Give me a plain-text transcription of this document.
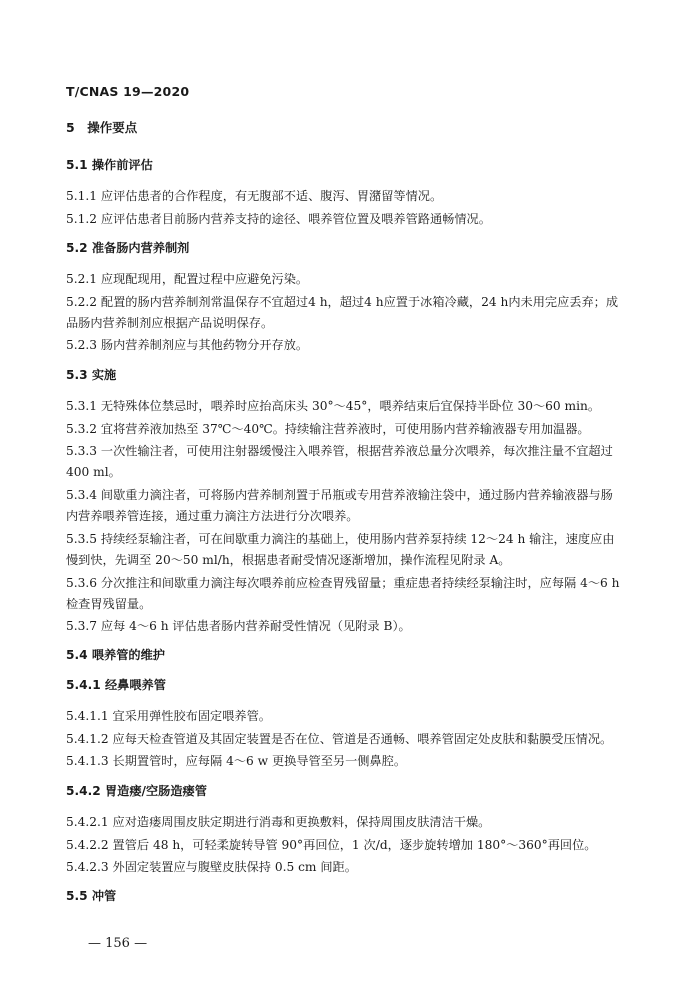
T/CNAS 19—2020
5　操作要点
5.1 操作前评估
5.1.1 应评估患者的合作程度，有无腹部不适、腹泻、胃潴留等情况。
5.1.2 应评估患者目前肠内营养支持的途径、喂养管位置及喂养管路通畅情况。
5.2 准备肠内营养制剂
5.2.1 应现配现用，配置过程中应避免污染。
5.2.2 配置的肠内营养制剂常温保存不宜超过4 h，超过4 h应置于冰箱冷藏，24 h内未用完应丢弃；成
品肠内营养制剂应根据产品说明保存。
5.2.3 肠内营养制剂应与其他药物分开存放。
5.3 实施
5.3.1 无特殊体位禁忌时，喂养时应抬高床头 30°～45°，喂养结束后宜保持半卧位 30～60 min。
5.3.2 宜将营养液加热至 37℃～40℃。持续输注营养液时，可使用肠内营养输液器专用加温器。
5.3.3 一次性输注者，可使用注射器缓慢注入喂养管，根据营养液总量分次喂养，每次推注量不宜超过
400 ml。
5.3.4 间歇重力滴注者，可将肠内营养制剂置于吊瓶或专用营养液输注袋中，通过肠内营养输液器与肠
内营养喂养管连接，通过重力滴注方法进行分次喂养。
5.3.5 持续经泵输注者，可在间歇重力滴注的基础上，使用肠内营养泵持续 12～24 h 输注，速度应由
慢到快，先调至 20～50 ml/h，根据患者耐受情况逐渐增加，操作流程见附录 A。
5.3.6 分次推注和间歇重力滴注每次喂养前应检查胃残留量；重症患者持续经泵输注时，应每隔 4～6 h
检查胃残留量。
5.3.7 应每 4～6 h 评估患者肠内营养耐受性情况（见附录 B）。
5.4 喂养管的维护
5.4.1 经鼻喂养管
5.4.1.1 宜采用弹性胶布固定喂养管。
5.4.1.2 应每天检查管道及其固定装置是否在位、管道是否通畅、喂养管固定处皮肤和黏膜受压情况。
5.4.1.3 长期置管时，应每隔 4～6 w 更换导管至另一侧鼻腔。
5.4.2 胃造瘘/空肠造瘘管
5.4.2.1 应对造瘘周围皮肤定期进行消毒和更换敷料，保持周围皮肤清洁干燥。
5.4.2.2 置管后 48 h，可轻柔旋转导管 90°再回位，1 次/d，逐步旋转增加 180°～360°再回位。
5.4.2.3 外固定装置应与腹壁皮肤保持 0.5 cm 间距。
5.5 冲管
— 156 —
